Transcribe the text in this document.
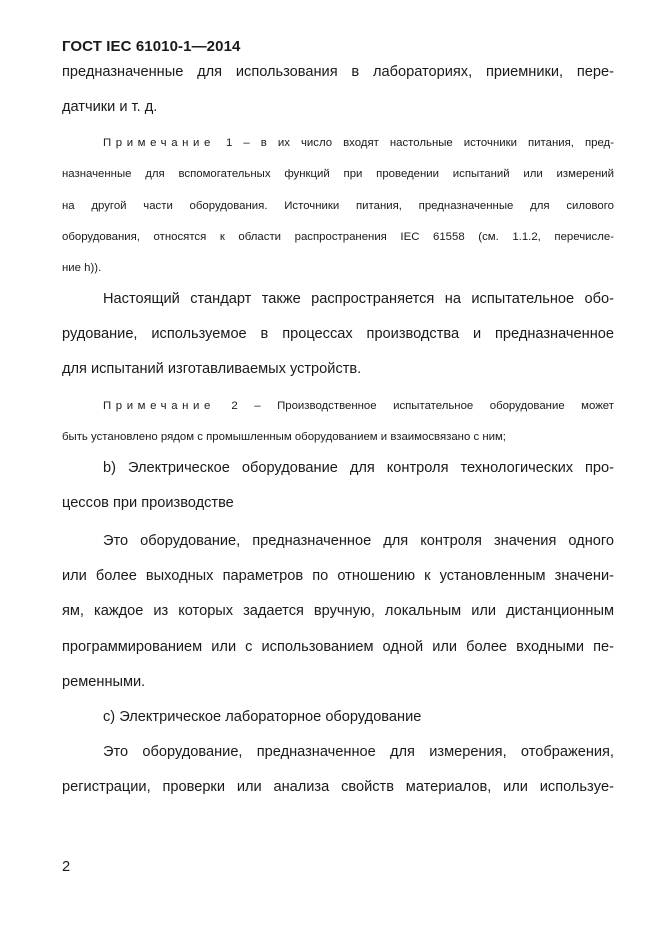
ГОСТ IEC 61010-1—2014
предназначенные для использования в лабораториях, приемники, пере-
датчики и т. д.
Примечание 1 – в их число входят настольные источники питания, пред-
назначенные для вспомогательных функций при проведении испытаний или измерений
на другой части оборудования. Источники питания, предназначенные для силового
оборудования, относятся к области распространения IEC 61558 (см. 1.1.2, перечисле-
ние h)).
Настоящий стандарт также распространяется на испытательное обо-
рудование, используемое в процессах производства и предназначенное
для испытаний изготавливаемых устройств.
Примечание 2 – Производственное испытательное оборудование может
быть установлено рядом с промышленным оборудованием и взаимосвязано с ним;
b) Электрическое оборудование для контроля технологических про-
цессов при производстве
Это оборудование, предназначенное для контроля значения одного
или более выходных параметров по отношению к установленным значени-
ям, каждое из которых задается вручную, локальным или дистанционным
программированием или с использованием одной или более входными пе-
ременными.
c) Электрическое лабораторное оборудование
Это оборудование, предназначенное для измерения, отображения,
регистрации, проверки или анализа свойств материалов, или использye-
2
